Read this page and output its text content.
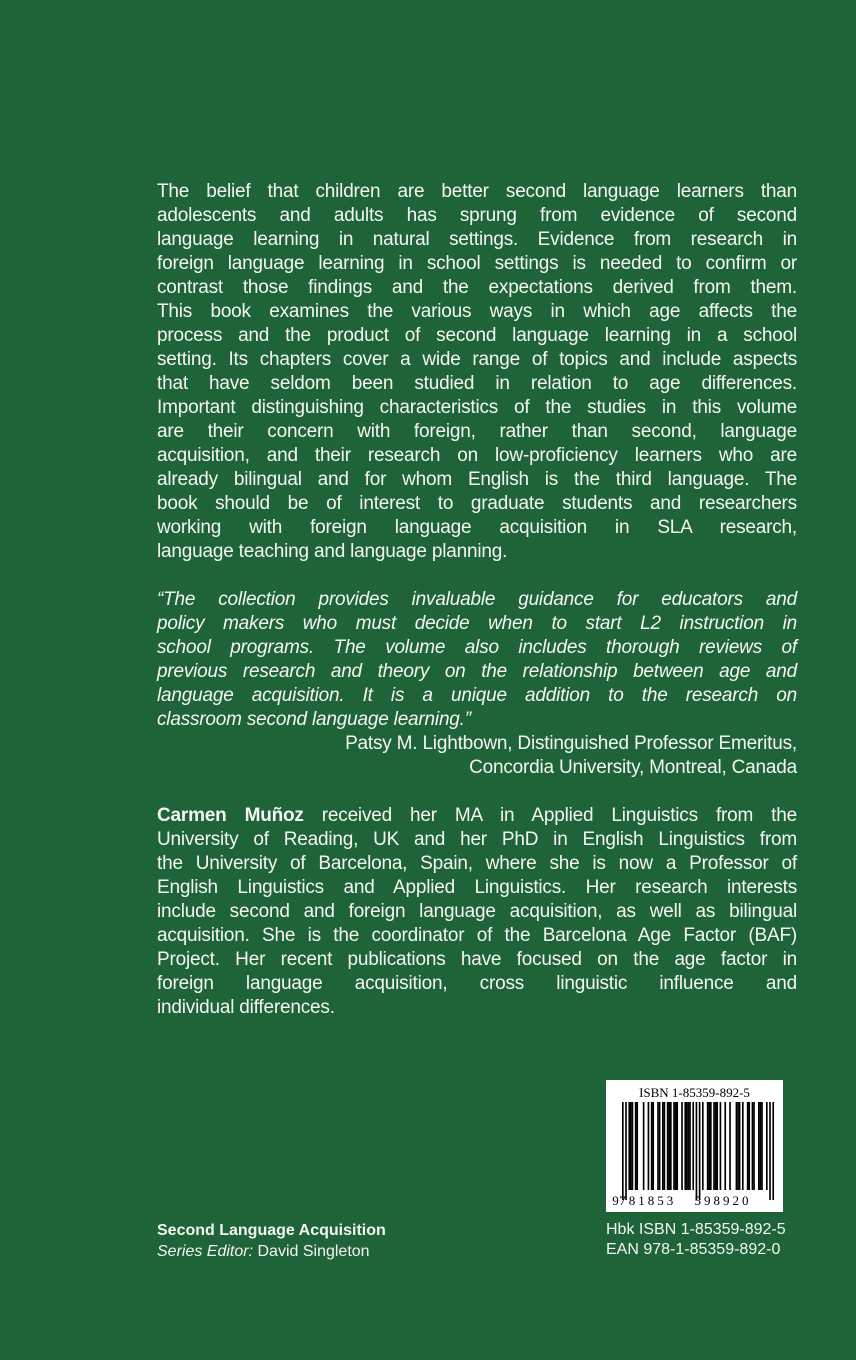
The belief that children are better second language learners than
adolescents and adults has sprung from evidence of second
language learning in natural settings. Evidence from research in
foreign language learning in school settings is needed to confirm or
contrast those findings and the expectations derived from them.
This book examines the various ways in which age affects the
process and the product of second language learning in a school
setting. Its chapters cover a wide range of topics and include aspects
that have seldom been studied in relation to age differences.
Important distinguishing characteristics of the studies in this volume
are their concern with foreign, rather than second, language
acquisition, and their research on low-proficiency learners who are
already bilingual and for whom English is the third language. The
book should be of interest to graduate students and researchers
working with foreign language acquisition in SLA research,
language teaching and language planning.
“The collection provides invaluable guidance for educators and
policy makers who must decide when to start L2 instruction in
school programs. The volume also includes thorough reviews of
previous research and theory on the relationship between age and
language acquisition. It is a unique addition to the research on
classroom second language learning.”
Patsy M. Lightbown, Distinguished Professor Emeritus,
Concordia University, Montreal, Canada
Carmen Muñoz received her MA in Applied Linguistics from the
University of Reading, UK and her PhD in English Linguistics from
the University of Barcelona, Spain, where she is now a Professor of
English Linguistics and Applied Linguistics. Her research interests
include second and foreign language acquisition, as well as bilingual
acquisition. She is the coordinator of the Barcelona Age Factor (BAF)
Project. Her recent publications have focused on the age factor in
foreign language acquisition, cross linguistic influence and
individual differences.
Second Language Acquisition
Series Editor: David Singleton
ISBN 1-85359-892-5
9
781853 598920
Hbk ISBN 1-85359-892-5
EAN 978-1-85359-892-0
